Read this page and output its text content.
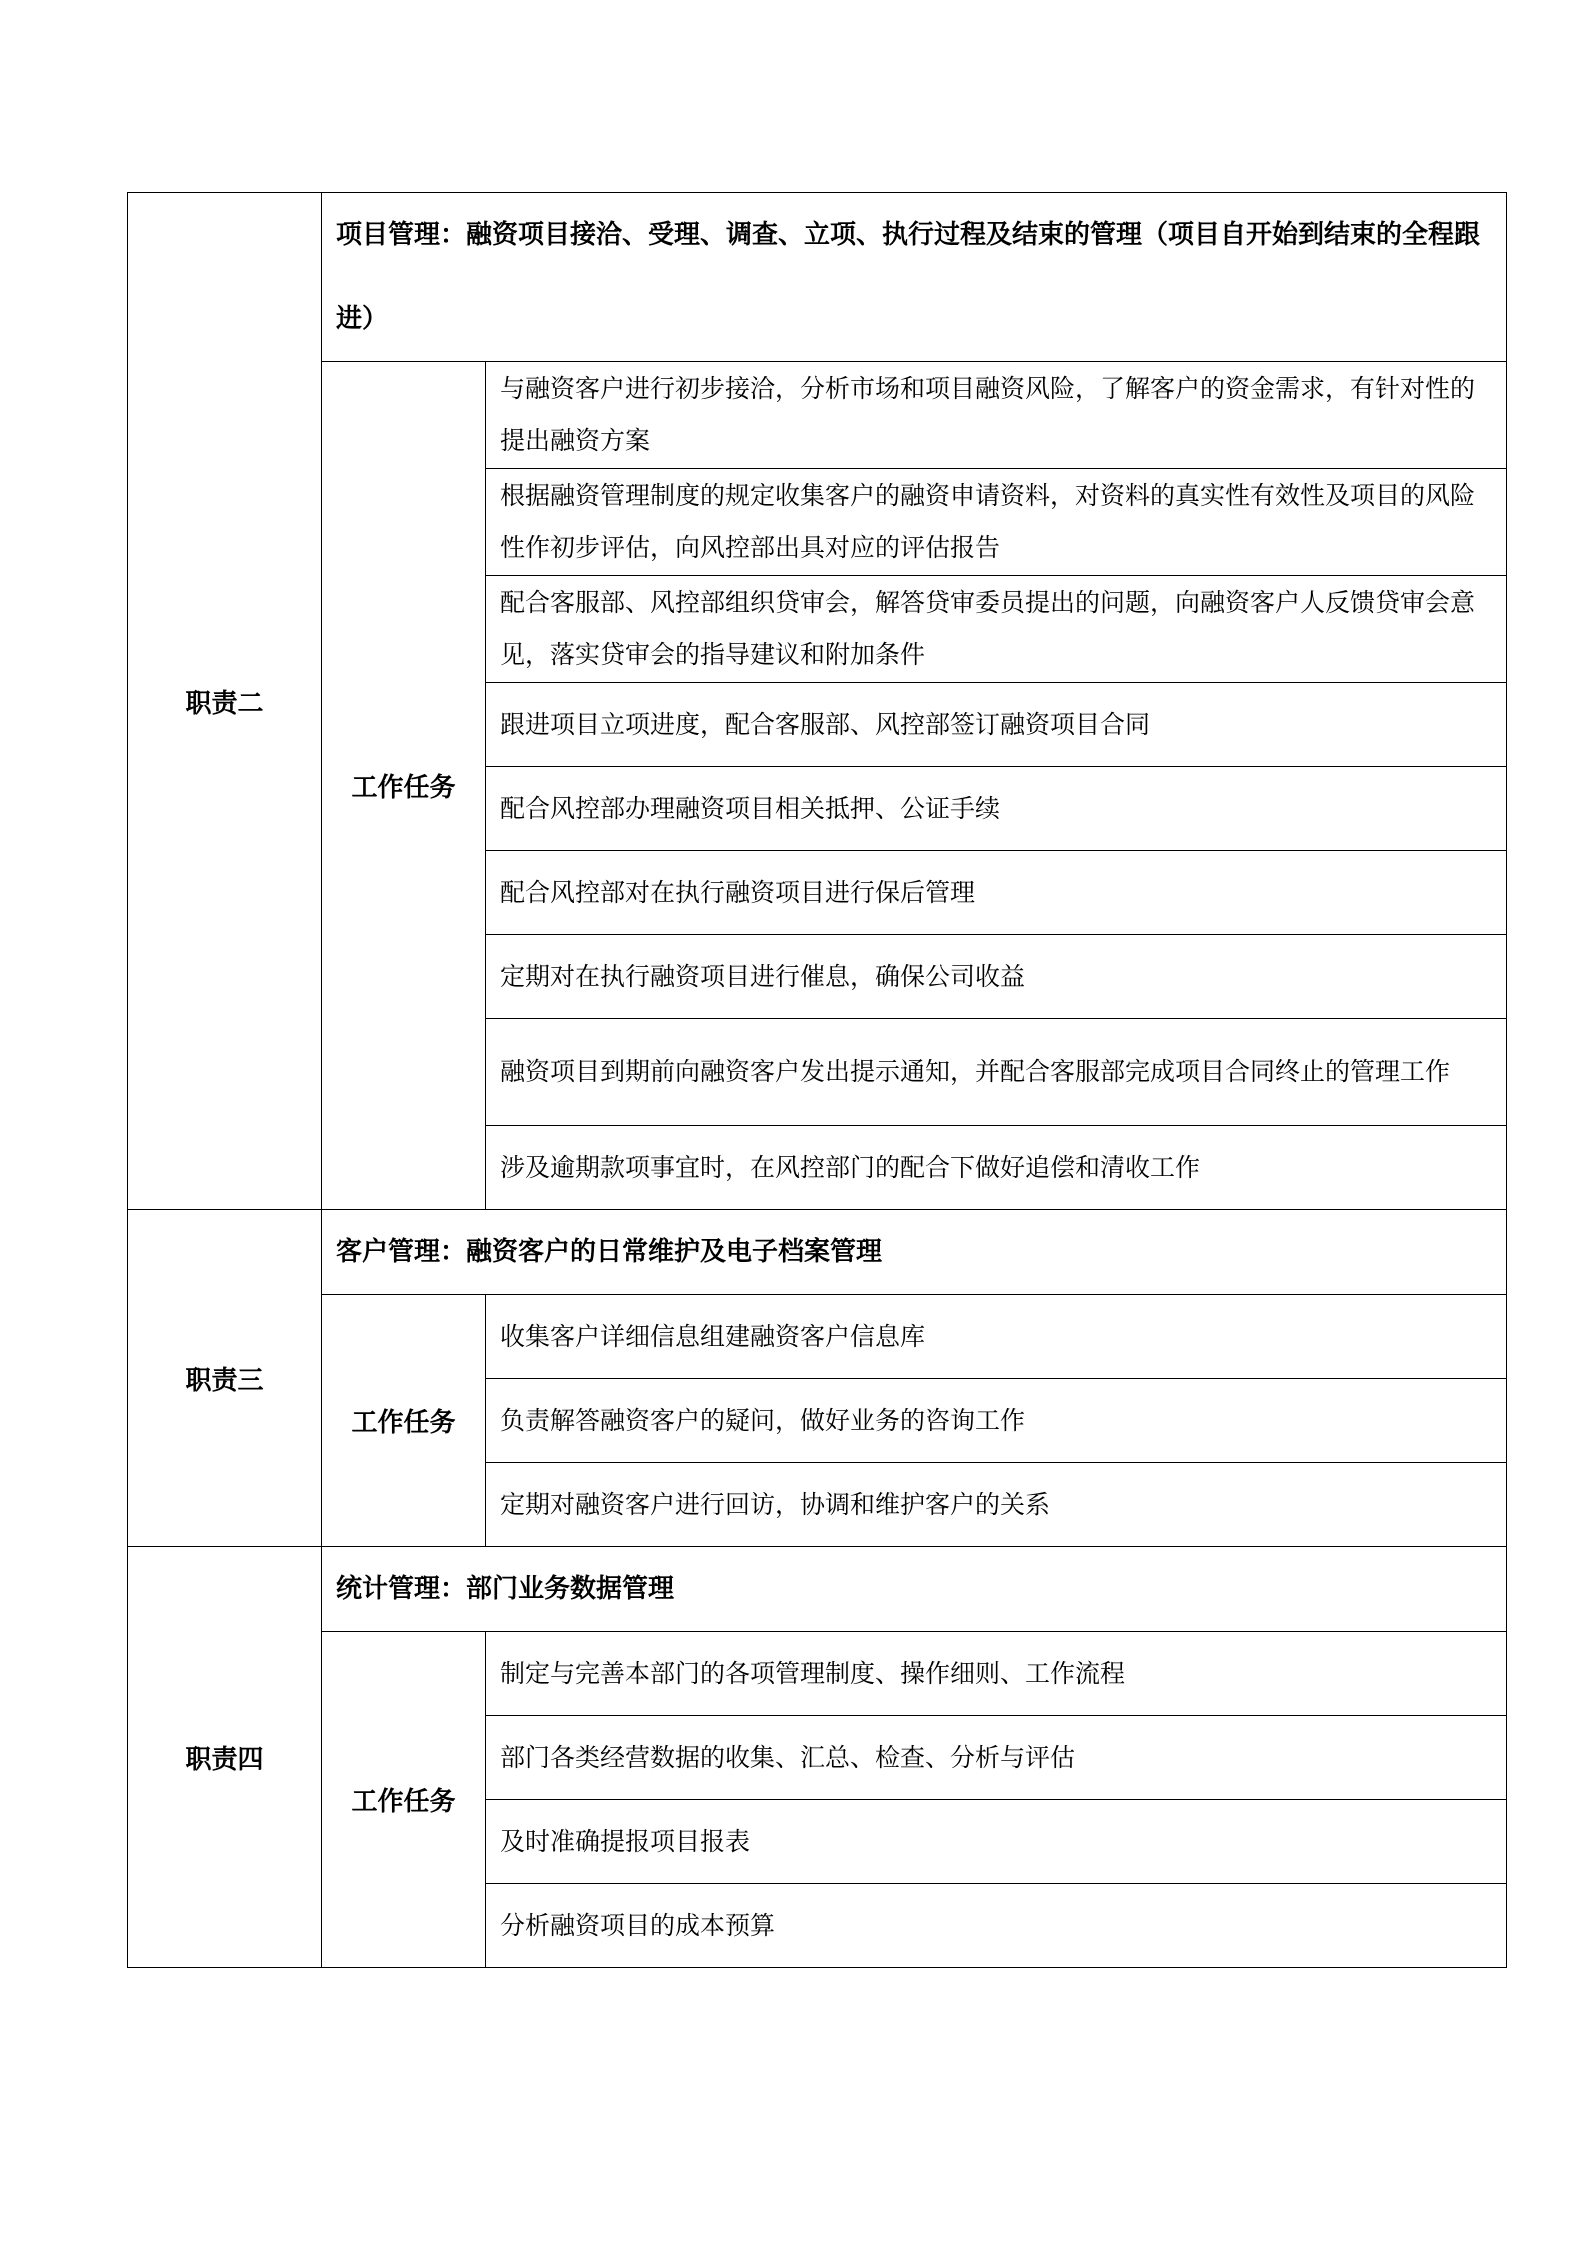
职责二	项目管理：融资项目接洽、受理、调查、立项、执行过程及结束的管理（项目自开始到结束的全程跟进）	
	工作任务	与融资客户进行初步接洽，分析市场和项目融资风险，了解客户的资金需求，有针对性的提出融资方案
		根据融资管理制度的规定收集客户的融资申请资料，对资料的真实性有效性及项目的风险性作初步评估，向风控部出具对应的评估报告
		配合客服部、风控部组织贷审会，解答贷审委员提出的问题，向融资客户人反馈贷审会意见，落实贷审会的指导建议和附加条件
		跟进项目立项进度，配合客服部、风控部签订融资项目合同
		配合风控部办理融资项目相关抵押、公证手续
		配合风控部对在执行融资项目进行保后管理
		定期对在执行融资项目进行催息，确保公司收益
		融资项目到期前向融资客户发出提示通知，并配合客服部完成项目合同终止的管理工作
		涉及逾期款项事宜时，在风控部门的配合下做好追偿和清收工作
职责三	客户管理：融资客户的日常维护及电子档案管理	
	工作任务	收集客户详细信息组建融资客户信息库
		负责解答融资客户的疑问，做好业务的咨询工作
		定期对融资客户进行回访，协调和维护客户的关系
职责四	统计管理：部门业务数据管理	
	工作任务	制定与完善本部门的各项管理制度、操作细则、工作流程
		部门各类经营数据的收集、汇总、检查、分析与评估
		及时准确提报项目报表
		分析融资项目的成本预算
